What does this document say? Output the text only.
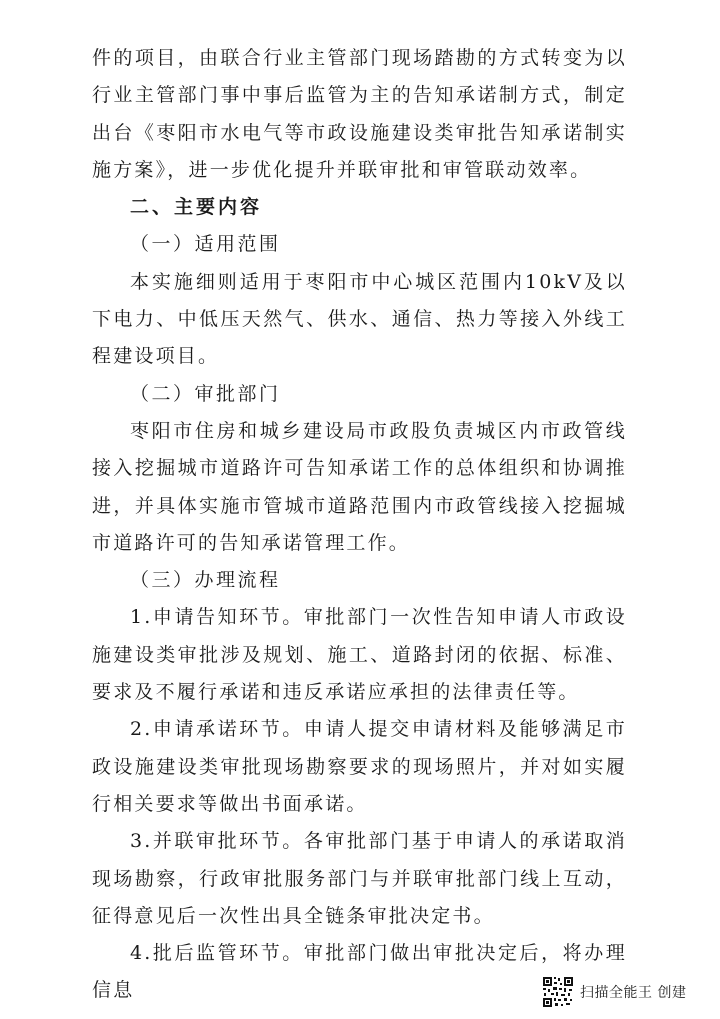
件的项目，由联合行业主管部门现场踏勘的方式转变为以行业主管部门事中事后监管为主的告知承诺制方式，制定出台《枣阳市水电气等市政设施建设类审批告知承诺制实施方案》，进一步优化提升并联审批和审管联动效率。

二、主要内容

（一）适用范围

本实施细则适用于枣阳市中心城区范围内10kV及以下电力、中低压天然气、供水、通信、热力等接入外线工程建设项目。

（二）审批部门

枣阳市住房和城乡建设局市政股负责城区内市政管线接入挖掘城市道路许可告知承诺工作的总体组织和协调推进，并具体实施市管城市道路范围内市政管线接入挖掘城市道路许可的告知承诺管理工作。

（三）办理流程

1.申请告知环节。审批部门一次性告知申请人市政设施建设类审批涉及规划、施工、道路封闭的依据、标准、要求及不履行承诺和违反承诺应承担的法律责任等。

2.申请承诺环节。申请人提交申请材料及能够满足市政设施建设类审批现场勘察要求的现场照片，并对如实履行相关要求等做出书面承诺。

3.并联审批环节。各审批部门基于申请人的承诺取消现场勘察，行政审批服务部门与并联审批部门线上互动，征得意见后一次性出具全链条审批决定书。

4.批后监管环节。审批部门做出审批决定后，将办理信息	扫描全能王 创建
